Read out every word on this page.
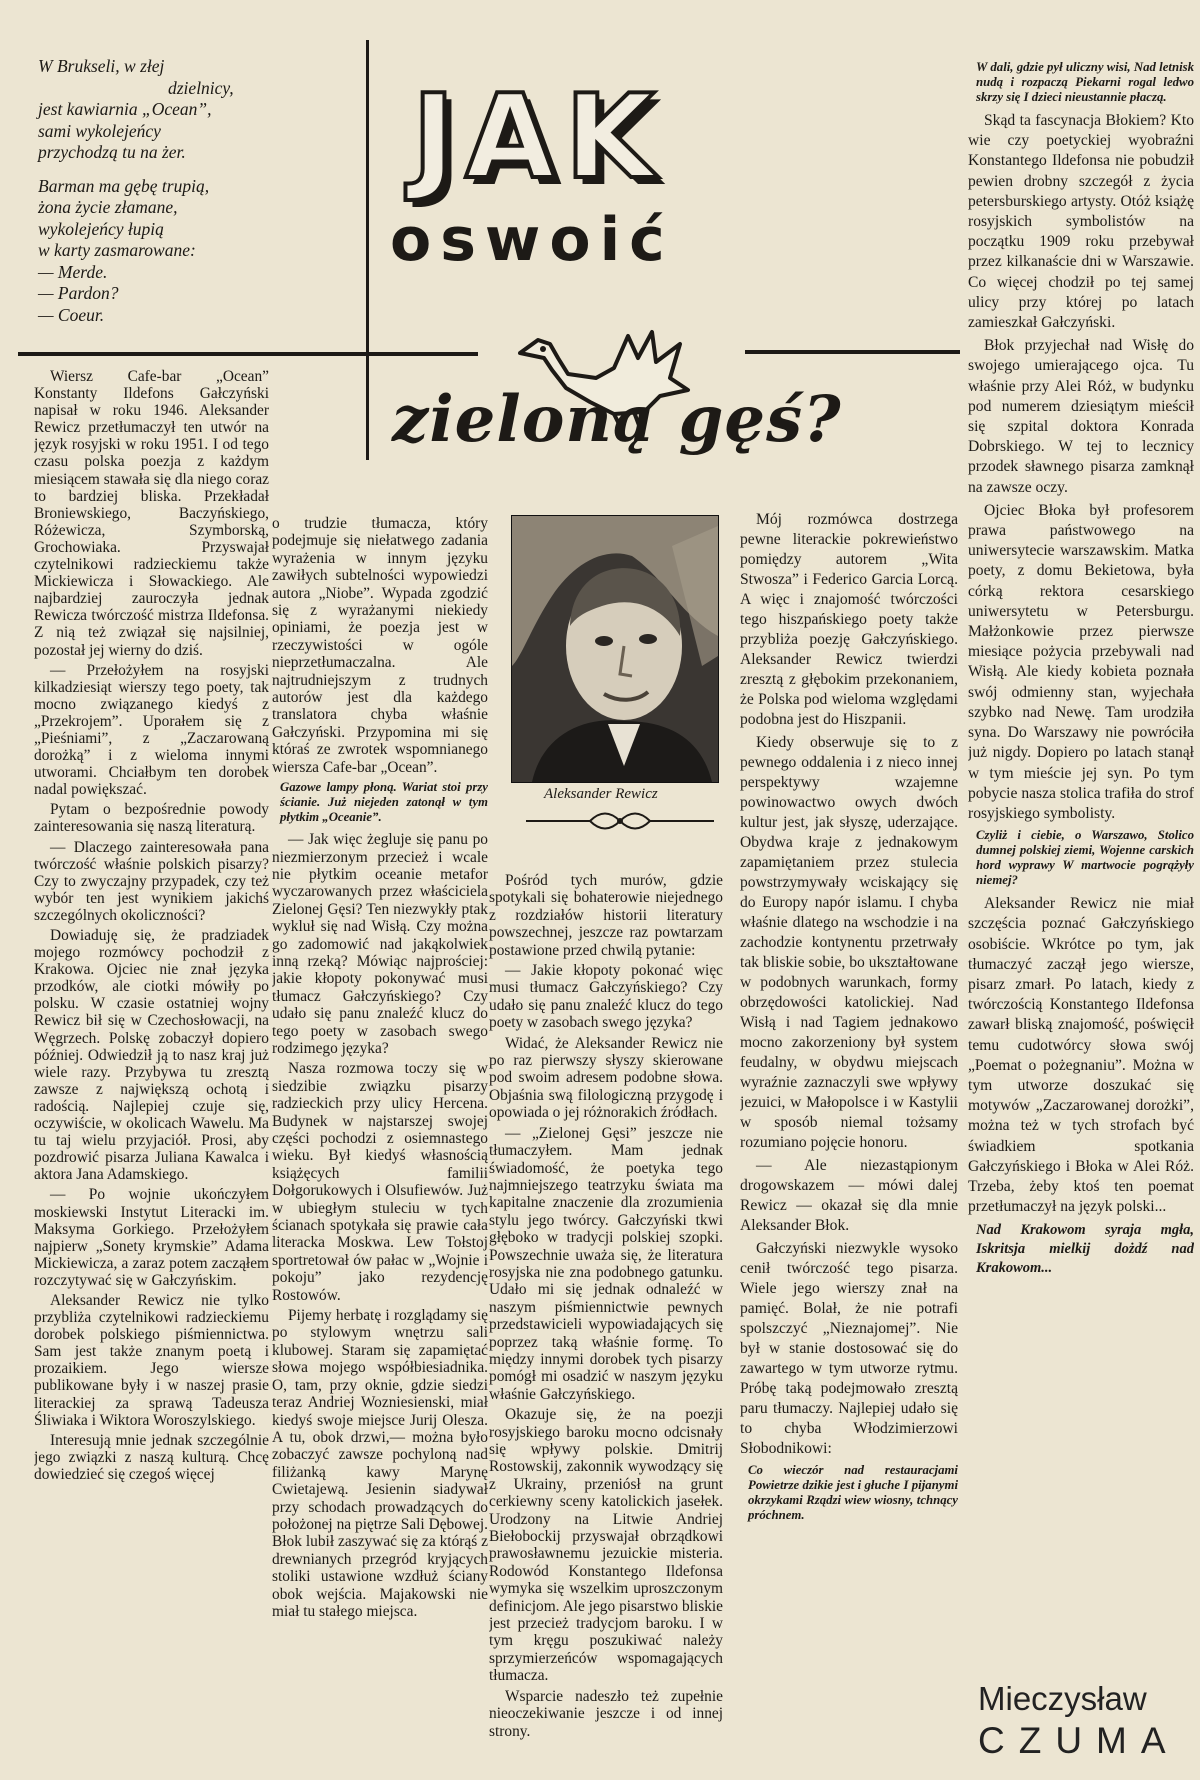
W Brukseli, w złej

dzielnicy,

jest kawiarnia „Ocean”,

sami wykolejeńcy

przychodzą tu na żer.

Barman ma gębę trupią,

żona życie złamane,

wykolejeńcy łupią

w karty zasmarowane:

— Merde.

— Pardon?

— Coeur.

JAK
oswoić
zieloną gęś?
Aleksander Rewicz

Wiersz Cafe-bar „Ocean” Konstanty Ildefons Gałczyński napisał w roku 1946. Aleksander Rewicz przetłumaczył ten utwór na język rosyjski w roku 1951. I od tego czasu polska poezja z każdym miesiącem stawała się dla niego coraz to bardziej bliska. Przekładał Broniewskiego, Baczyńskiego, Różewicza, Szymborską, Grochowiaka. Przyswajał czytelnikowi radzieckiemu także Mickiewicza i Słowackiego. Ale najbardziej zauroczyła jednak Rewicza twórczość mistrza Ildefonsa. Z nią też związał się najsilniej, pozostał jej wierny do dziś.

— Przełożyłem na rosyjski kilkadziesiąt wierszy tego poety, tak mocno związanego kiedyś z „Przekrojem”. Uporałem się z „Pieśniami”, z „Zaczarowaną dorożką” i z wieloma innymi utworami. Chciałbym ten dorobek nadal powiększać.

Pytam o bezpośrednie powody zainteresowania się naszą literaturą.

— Dlaczego zainteresowała pana twórczość właśnie polskich pisarzy? Czy to zwyczajny przypadek, czy też wybór ten jest wynikiem jakichś szczególnych okoliczności?

Dowiaduję się, że pradziadek mojego rozmówcy pochodził z Krakowa. Ojciec nie znał języka przodków, ale ciotki mówiły po polsku. W czasie ostatniej wojny Rewicz bił się w Czechosłowacji, na Węgrzech. Polskę zobaczył dopiero później. Odwiedził ją to nasz kraj już wiele razy. Przybywa tu zresztą zawsze z największą ochotą i radością. Najlepiej czuje się, oczywiście, w okolicach Wawelu. Ma tu taj wielu przyjaciół. Prosi, aby pozdrowić pisarza Juliana Kawalca i aktora Jana Adamskiego.

— Po wojnie ukończyłem moskiewski Instytut Literacki im. Maksyma Gorkiego. Przełożyłem najpierw „Sonety krymskie” Adama Mickiewicza, a zaraz potem zacząłem rozczytywać się w Gałczyńskim.

Aleksander Rewicz nie tylko przybliża czytelnikowi radzieckiemu dorobek polskiego piśmiennictwa. Sam jest także znanym poetą i prozaikiem. Jego wiersze publikowane były i w naszej prasie literackiej za sprawą Tadeusza Śliwiaka i Wiktora Woroszylskiego.

Interesują mnie jednak szczególnie jego związki z naszą kulturą. Chcę dowiedzieć się czegoś więcej

o trudzie tłumacza, który podejmuje się niełatwego zadania wyrażenia w innym języku zawiłych subtelności wypowiedzi autora „Niobe”. Wypada zgodzić się z wyrażanymi niekiedy opiniami, że poezja jest w rzeczywistości w ogóle nieprzetłumaczalna. Ale najtrudniejszym z trudnych autorów jest dla każdego translatora chyba właśnie Gałczyński. Przypomina mi się któraś ze zwrotek wspomnianego wiersza Cafe-bar „Ocean”.

Gazowe lampy płoną. Wariat stoi przy ścianie. Już niejeden zatonął w tym płytkim „Oceanie”.

— Jak więc żegluje się panu po niezmierzonym przecież i wcale nie płytkim oceanie metafor wyczarowanych przez właściciela Zielonej Gęsi? Ten niezwykły ptak wykluł się nad Wisłą. Czy można go zadomowić nad jakąkolwiek inną rzeką? Mówiąc najprościej: jakie kłopoty pokonywać musi tłumacz Gałczyńskiego? Czy udało się panu znaleźć klucz do tego poety w zasobach swego rodzimego języka?

Nasza rozmowa toczy się w siedzibie związku pisarzy radzieckich przy ulicy Hercena. Budynek w najstarszej swojej części pochodzi z osiemnastego wieku. Był kiedyś własnością książęcych familii Dołgorukowych i Olsufiewów. Już w ubiegłym stuleciu w tych ścianach spotykała się prawie cała literacka Moskwa. Lew Tołstoj sportretował ów pałac w „Wojnie i pokoju” jako rezydencję Rostowów.

Pijemy herbatę i rozglądamy się po stylowym wnętrzu sali klubowej. Staram się zapamiętać słowa mojego współbiesiadnika. O, tam, przy oknie, gdzie siedzi teraz Andriej Wozniesienski, miał kiedyś swoje miejsce Jurij Olesza. A tu, obok drzwi,— można było zobaczyć zawsze pochyloną nad filiżanką kawy Marynę Cwietajewą. Jesienin siadywał przy schodach prowadzących do położonej na piętrze Sali Dębowej. Błok lubił zaszywać się za którąś z drewnianych przegród kryjących stoliki ustawione wzdłuż ściany obok wejścia. Majakowski nie miał tu stałego miejsca.

Pośród tych murów, gdzie spotykali się bohaterowie niejednego z rozdziałów historii literatury powszechnej, jeszcze raz powtarzam postawione przed chwilą pytanie:

— Jakie kłopoty pokonać więc musi tłumacz Gałczyńskiego? Czy udało się panu znaleźć klucz do tego poety w zasobach swego języka?

Widać, że Aleksander Rewicz nie po raz pierwszy słyszy skierowane pod swoim adresem podobne słowa. Objaśnia swą filologiczną przygodę i opowiada o jej różnorakich źródłach.

— „Zielonej Gęsi” jeszcze nie tłumaczyłem. Mam jednak świadomość, że poetyka tego najmniejszego teatrzyku świata ma kapitalne znaczenie dla zrozumienia stylu jego twórcy. Gałczyński tkwi głęboko w tradycji polskiej szopki. Powszechnie uważa się, że literatura rosyjska nie zna podobnego gatunku. Udało mi się jednak odnaleźć w naszym piśmiennictwie pewnych przedstawicieli wypowiadających się poprzez taką właśnie formę. To między innymi dorobek tych pisarzy pomógł mi osadzić w naszym języku właśnie Gałczyńskiego.

Okazuje się, że na poezji rosyjskiego baroku mocno odcisnały się wpływy polskie. Dmitrij Rostowskij, zakonnik wywodzący się z Ukrainy, przeniósł na grunt cerkiewny sceny katolickich jasełek. Urodzony na Litwie Andriej Biełobockij przyswajał obrządkowi prawosławnemu jezuickie misteria. Rodowód Konstantego Ildefonsa wymyka się wszelkim uproszczonym definicjom. Ale jego pisarstwo bliskie jest przecież tradycjom baroku. I w tym kręgu poszukiwać należy sprzymierzeńców wspomagających tłumacza.

Wsparcie nadeszło też zupełnie nieoczekiwanie jeszcze i od innej strony.

Mój rozmówca dostrzega pewne literackie pokrewieństwo pomiędzy autorem „Wita Stwosza” i Federico Garcia Lorcą. A więc i znajomość twórczości tego hiszpańskiego poety także przybliża poezję Gałczyńskiego. Aleksander Rewicz twierdzi zresztą z głębokim przekonaniem, że Polska pod wieloma względami podobna jest do Hiszpanii.

Kiedy obserwuje się to z pewnego oddalenia i z nieco innej perspektywy wzajemne powinowactwo owych dwóch kultur jest, jak słyszę, uderzające. Obydwa kraje z jednakowym zapamiętaniem przez stulecia powstrzymywały wciskający się do Europy napór islamu. I chyba właśnie dlatego na wschodzie i na zachodzie kontynentu przetrwały tak bliskie sobie, bo ukształtowane w podobnych warunkach, formy obrzędowości katolickiej. Nad Wisłą i nad Tagiem jednakowo mocno zakorzeniony był system feudalny, w obydwu miejscach wyraźnie zaznaczyli swe wpływy jezuici, w Małopolsce i w Kastylii w sposób niemal tożsamy rozumiano pojęcie honoru.

— Ale niezastąpionym drogowskazem — mówi dalej Rewicz — okazał się dla mnie Aleksander Błok.

Gałczyński niezwykle wysoko cenił twórczość tego pisarza. Wiele jego wierszy znał na pamięć. Bolał, że nie potrafi spolszczyć „Nieznajomej”. Nie był w stanie dostosować się do zawartego w tym utworze rytmu. Próbę taką podejmowało zresztą paru tłumaczy. Najlepiej udało się to chyba Włodzimierzowi Słobodnikowi:

Co wieczór nad restauracjami Powietrze dzikie jest i głuche I pijanymi okrzykami Rządzi wiew wiosny, tchnący próchnem.

W dali, gdzie pył uliczny wisi, Nad letnisk nudą i rozpaczą Piekarni rogal ledwo skrzy się I dzieci nieustannie płaczą.

Skąd ta fascynacja Błokiem? Kto wie czy poetyckiej wyobraźni Konstantego Ildefonsa nie pobudził pewien drobny szczegół z życia petersburskiego artysty. Otóż książę rosyjskich symbolistów na początku 1909 roku przebywał przez kilkanaście dni w Warszawie. Co więcej chodził po tej samej ulicy przy której po latach zamieszkał Gałczyński.

Błok przyjechał nad Wisłę do swojego umierającego ojca. Tu właśnie przy Alei Róż, w budynku pod numerem dziesiątym mieścił się szpital doktora Konrada Dobrskiego. W tej to lecznicy przodek sławnego pisarza zamknął na zawsze oczy.

Ojciec Błoka był profesorem prawa państwowego na uniwersytecie warszawskim. Matka poety, z domu Bekietowa, była córką rektora cesarskiego uniwersytetu w Petersburgu. Małżonkowie przez pierwsze miesiące pożycia przebywali nad Wisłą. Ale kiedy kobieta poznała swój odmienny stan, wyjechała szybko nad Newę. Tam urodziła syna. Do Warszawy nie powróciła już nigdy. Dopiero po latach stanął w tym mieście jej syn. Po tym pobycie nasza stolica trafiła do strof rosyjskiego symbolisty.

Czyliż i ciebie, o Warszawo, Stolico dumnej polskiej ziemi, Wojenne carskich hord wyprawy W martwocie pogrążyły niemej?

Aleksander Rewicz nie miał szczęścia poznać Gałczyńskiego osobiście. Wkrótce po tym, jak tłumaczyć zaczął jego wiersze, pisarz zmarł. Po latach, kiedy z twórczością Konstantego Ildefonsa zawarł bliską znajomość, poświęcił temu cudotwórcy słowa swój „Poemat o pożegnaniu”. Można w tym utworze doszukać się motywów „Zaczarowanej dorożki”, można też w tych strofach być świadkiem spotkania Gałczyńskiego i Błoka w Alei Róż. Trzeba, żeby ktoś ten poemat przetłumaczył na język polski...

Nad Krakowom syraja mgła, Iskritsja mielkij dożdź nad Krakowom...

Mieczysław
CZUMA
